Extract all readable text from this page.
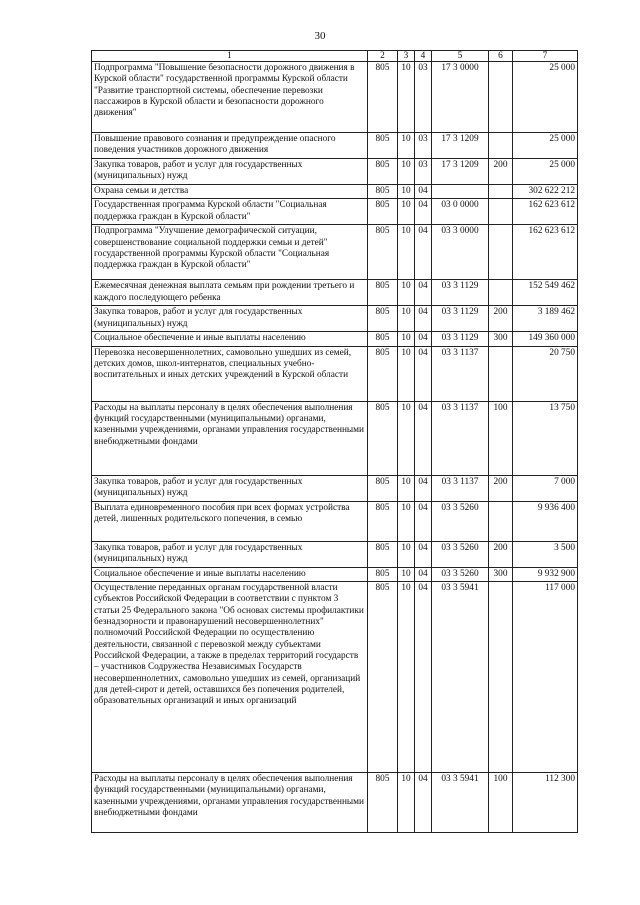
30
1	2	3	4	5	6	7
Подпрограмма "Повышение безопасности дорожного движения в Курской области" государственной программы Курской области "Развитие транспортной системы, обеспечение перевозки пассажиров в Курской области и безопасности дорожного движения"	805	10	03	17 3 0000		25 000
Повышение правового сознания и предупреждение опасного поведения участников дорожного движения	805	10	03	17 3 1209		25 000
Закупка товаров, работ и услуг для государственных (муниципальных) нужд	805	10	03	17 3 1209	200	25 000
Охрана семьи и детства	805	10	04			302 622 212
Государственная программа Курской области "Социальная поддержка граждан в Курской области"	805	10	04	03 0 0000		162 623 612
Подпрограмма "Улучшение демографической ситуации, совершенствование социальной поддержки семьи и детей" государственной программы Курской области "Социальная поддержка граждан в Курской области"	805	10	04	03 3 0000		162 623 612
Ежемесячная денежная выплата семьям при рождении третьего и каждого последующего ребенка	805	10	04	03 3 1129		152 549 462
Закупка товаров, работ и услуг для государственных (муниципальных) нужд	805	10	04	03 3 1129	200	3 189 462
Социальное обеспечение и иные выплаты населению	805	10	04	03 3 1129	300	149 360 000
Перевозка несовершеннолетних, самовольно ушедших из семей, детских домов, школ-интернатов, специальных учебно-воспитательных и иных детских учреждений в Курской области	805	10	04	03 3 1137		20 750
Расходы на выплаты персоналу в целях обеспечения выполнения функций государственными (муниципальными) органами, казенными учреждениями, органами управления государственными внебюджетными фондами	805	10	04	03 3 1137	100	13 750
Закупка товаров, работ и услуг для государственных (муниципальных) нужд	805	10	04	03 3 1137	200	7 000
Выплата единовременного пособия при всех формах устройства детей, лишенных родительского попечения, в семью	805	10	04	03 3 5260		9 936 400
Закупка товаров, работ и услуг для государственных (муниципальных) нужд	805	10	04	03 3 5260	200	3 500
Социальное обеспечение и иные выплаты населению	805	10	04	03 3 5260	300	9 932 900
Осуществление переданных органам государственной власти субъектов Российской Федерации в соответствии с пунктом 3 статьи 25 Федерального закона "Об основах системы профилактики безнадзорности и правонарушений несовершеннолетних" полномочий Российской Федерации по осуществлению деятельности, связанной с перевозкой между субъектами Российской Федерации, а также в пределах территорий государств – участников Содружества Независимых Государств несовершеннолетних, самовольно ушедших из семей, организаций для детей-сирот и детей, оставшихся без попечения родителей, образовательных организаций и иных организаций	805	10	04	03 3 5941		117 000
Расходы на выплаты персоналу в целях обеспечения выполнения функций государственными (муниципальными) органами, казенными учреждениями, органами управления государственными внебюджетными фондами	805	10	04	03 3 5941	100	112 300
